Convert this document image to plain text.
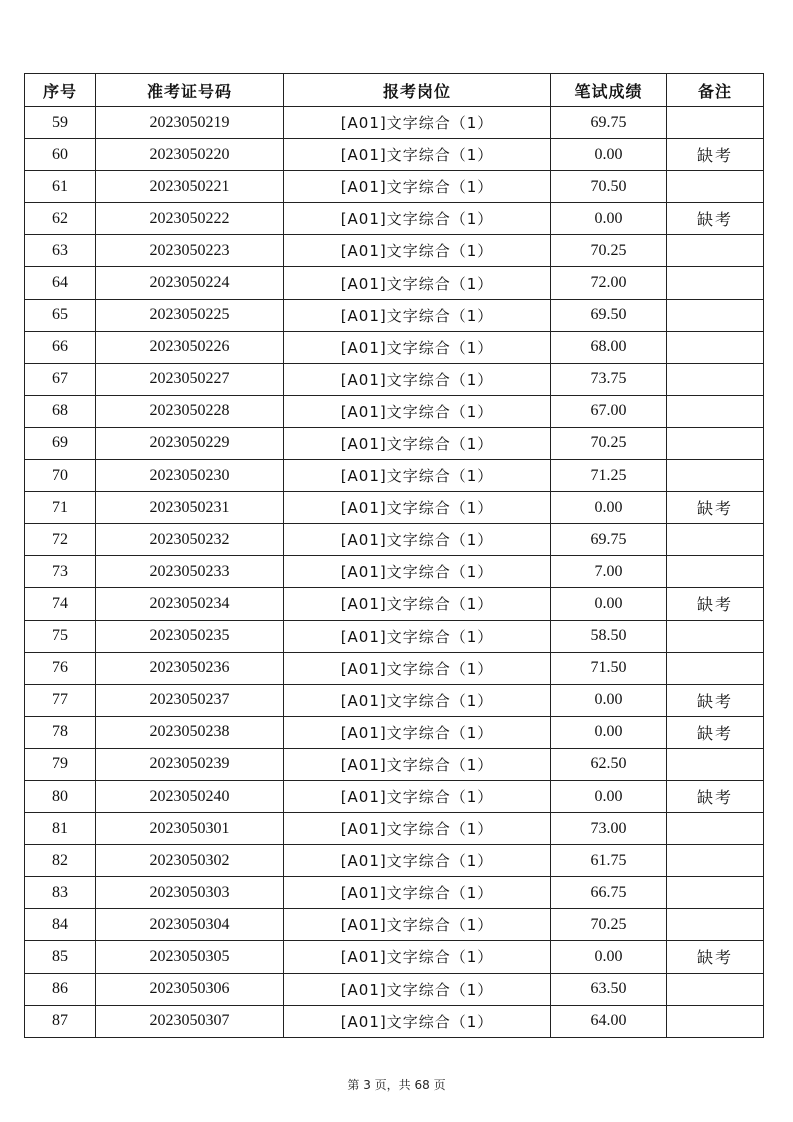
序号	准考证号码	报考岗位	笔试成绩	备注
59	2023050219	[A01]文字综合（1）	69.75	
60	2023050220	[A01]文字综合（1）	0.00	缺考
61	2023050221	[A01]文字综合（1）	70.50	
62	2023050222	[A01]文字综合（1）	0.00	缺考
63	2023050223	[A01]文字综合（1）	70.25	
64	2023050224	[A01]文字综合（1）	72.00	
65	2023050225	[A01]文字综合（1）	69.50	
66	2023050226	[A01]文字综合（1）	68.00	
67	2023050227	[A01]文字综合（1）	73.75	
68	2023050228	[A01]文字综合（1）	67.00	
69	2023050229	[A01]文字综合（1）	70.25	
70	2023050230	[A01]文字综合（1）	71.25	
71	2023050231	[A01]文字综合（1）	0.00	缺考
72	2023050232	[A01]文字综合（1）	69.75	
73	2023050233	[A01]文字综合（1）	7.00	
74	2023050234	[A01]文字综合（1）	0.00	缺考
75	2023050235	[A01]文字综合（1）	58.50	
76	2023050236	[A01]文字综合（1）	71.50	
77	2023050237	[A01]文字综合（1）	0.00	缺考
78	2023050238	[A01]文字综合（1）	0.00	缺考
79	2023050239	[A01]文字综合（1）	62.50	
80	2023050240	[A01]文字综合（1）	0.00	缺考
81	2023050301	[A01]文字综合（1）	73.00	
82	2023050302	[A01]文字综合（1）	61.75	
83	2023050303	[A01]文字综合（1）	66.75	
84	2023050304	[A01]文字综合（1）	70.25	
85	2023050305	[A01]文字综合（1）	0.00	缺考
86	2023050306	[A01]文字综合（1）	63.50	
87	2023050307	[A01]文字综合（1）	64.00	
第 3 页，共 68 页
